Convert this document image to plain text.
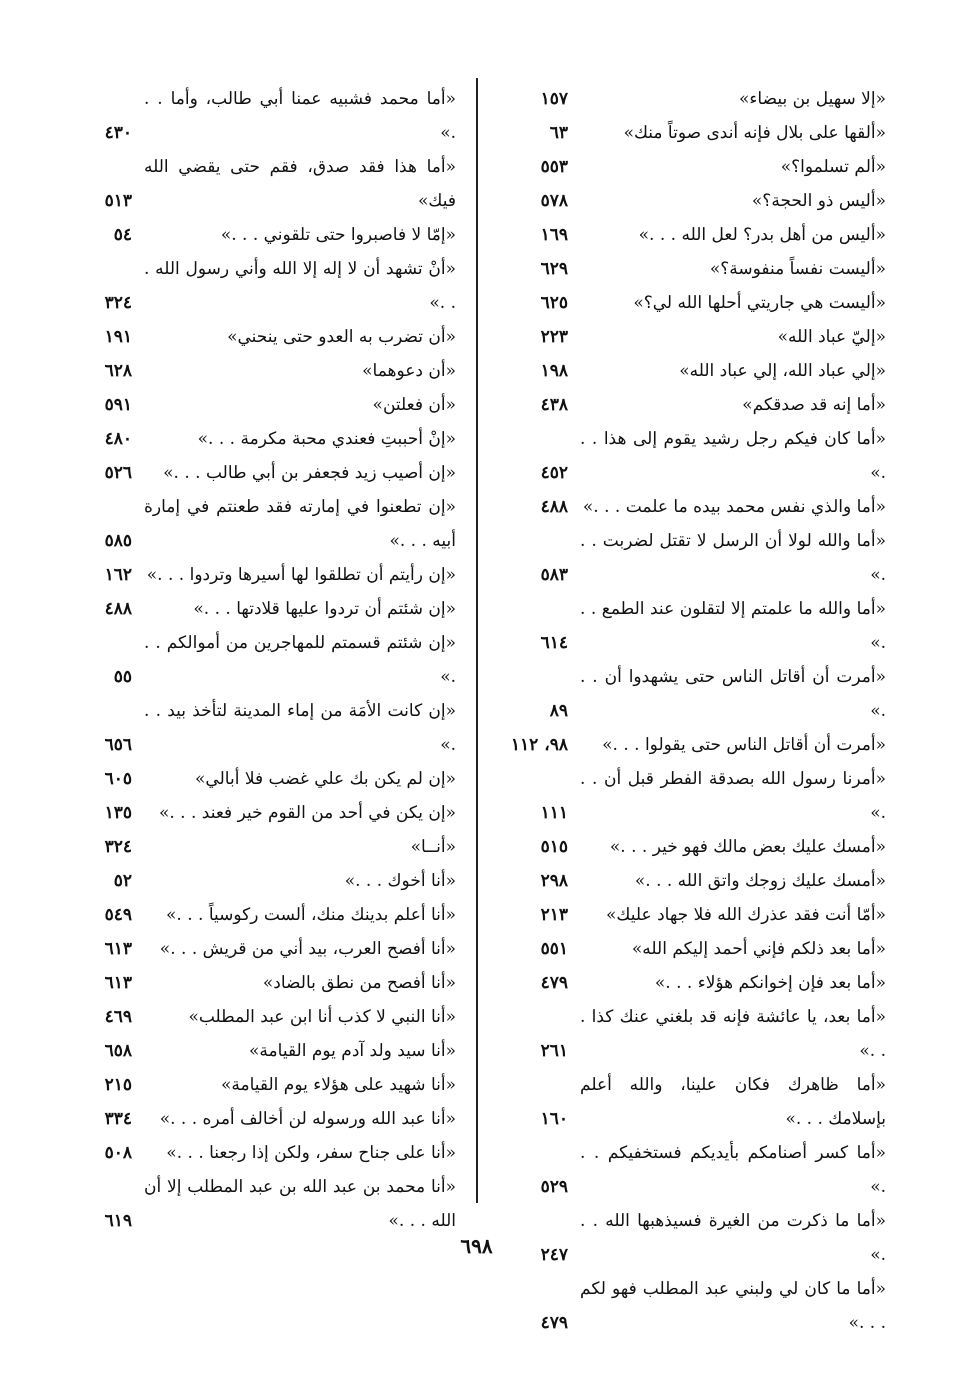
«إلا سهيل بن بيضاء»
١٥٧
«ألقها على بلال فإنه أندى صوتاً منك»
٦٣
«ألم تسلموا؟»
٥٥٣
«أليس ذو الحجة؟»
٥٧٨
«أليس من أهل بدر؟ لعل الله . . .»
١٦٩
«أليست نفساً منفوسة؟»
٦٢٩
«أليست هي جاريتي أحلها الله لي؟»
٦٢٥
«إليّ عباد الله»
٢٢٣
«إلي عباد الله، إلي عباد الله»
١٩٨
«أما إنه قد صدقكم»
٤٣٨
«أما كان فيكم رجل رشيد يقوم إلى هذا . . .»
٤٥٢
«أما والذي نفس محمد بيده ما علمت . . .»
٤٨٨
«أما والله لولا أن الرسل لا تقتل لضربت . . .»
٥٨٣
«أما والله ما علمتم إلا لتقلون عند الطمع . . .»
٦١٤
«أمرت أن أقاتل الناس حتى يشهدوا أن . . .»
٨٩
«أمرت أن أقاتل الناس حتى يقولوا . . .»
٩٨، ١١٢
«أمرنا رسول الله بصدقة الفطر قبل أن . . .»
١١١
«أمسك عليك بعض مالك فهو خير . . .»
٥١٥
«أمسك عليك زوجك واتق الله . . .»
٢٩٨
«أمّا أنت فقد عذرك الله فلا جهاد عليك»
٢١٣
«أما بعد ذلكم فإني أحمد إليكم الله»
٥٥١
«أما بعد فإن إخوانكم هؤلاء . . .»
٤٧٩
«أما بعد، يا عائشة فإنه قد بلغني عنك كذا . . .»
٢٦١
«أما ظاهرك فكان علينا، والله أعلم بإسلامك . . .»
١٦٠
«أما كسر أصنامكم بأيديكم فستخفيكم . . .»
٥٢٩
«أما ما ذكرت من الغيرة فسيذهبها الله . . .»
٢٤٧
«أما ما كان لي ولبني عبد المطلب فهو لكم . . .»
٤٧٩
«أما محمد فشبيه عمنا أبي طالب، وأما . . .»
٤٣٠
«أما هذا فقد صدق، فقم حتى يقضي الله فيك»
٥١٣
«إمّا لا فاصبروا حتى تلقوني . . .»
٥٤
«أنْ تشهد أن لا إله إلا الله وأني رسول الله . . .»
٣٢٤
«أن تضرب به العدو حتى ينحني»
١٩١
«أن دعوهما»
٦٢٨
«أن فعلتن»
٥٩١
«إنْ أحببتِ فعندي محبة مكرمة . . .»
٤٨٠
«إن أصيب زيد فجعفر بن أبي طالب . . .»
٥٢٦
«إن تطعنوا في إمارته فقد طعنتم في إمارة أبيه . . .»
٥٨٥
«إن رأيتم أن تطلقوا لها أسيرها وتردوا . . .»
١٦٢
«إن شئتم أن تردوا عليها قلادتها . . .»
٤٨٨
«إن شئتم قسمتم للمهاجرين من أموالكم . . .»
٥٥
«إن كانت الأمَة من إماء المدينة لتأخذ بيد . . .»
٦٥٦
«إن لم يكن بك علي غضب فلا أبالي»
٦٠٥
«إن يكن في أحد من القوم خير فعند . . .»
١٣٥
«أنــا»
٣٢٤
«أنا أخوك . . .»
٥٢
«أنا أعلم بدينك منك، ألست ركوسياً . . .»
٥٤٩
«أنا أفصح العرب، بيد أني من قريش . . .»
٦١٣
«أنا أفصح من نطق بالضاد»
٦١٣
«أنا النبي لا كذب أنا ابن عبد المطلب»
٤٦٩
«أنا سيد ولد آدم يوم القيامة»
٦٥٨
«أنا شهيد على هؤلاء يوم القيامة»
٢١٥
«أنا عبد الله ورسوله لن أخالف أمره . . .»
٣٣٤
«أنا على جناح سفر، ولكن إذا رجعنا . . .»
٥٠٨
«أنا محمد بن عبد الله بن عبد المطلب إلا أن الله . . .»
٦١٩
٦٩٨
